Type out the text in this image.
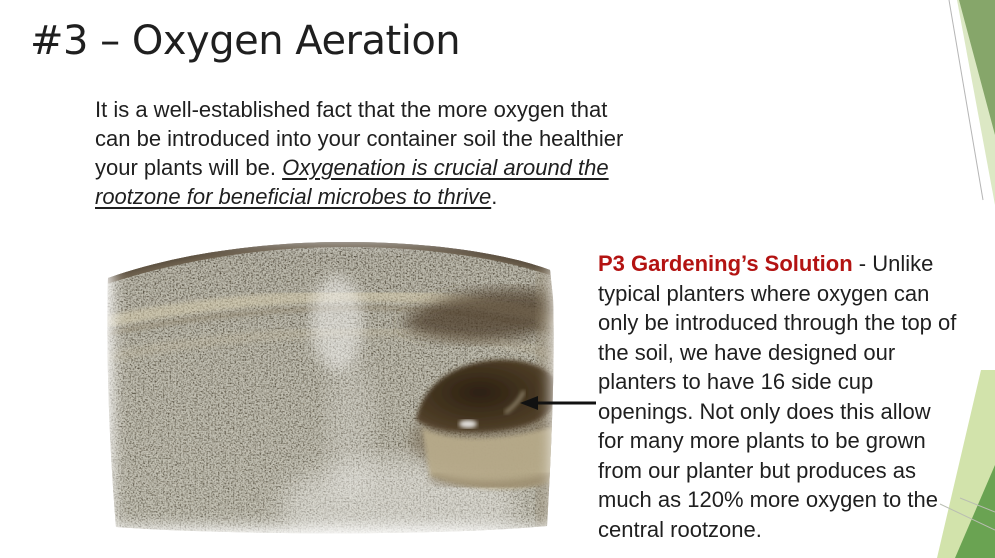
#3 – Oxygen Aeration

It is a well-established fact that the more oxygen that can be introduced into your container soil the healthier your plants will be. Oxygenation is crucial around the rootzone for beneficial microbes to thrive.

P3 Gardening’s Solution - Unlike typical planters where oxygen can only be introduced through the top of the soil, we have designed our planters to have 16 side cup openings. Not only does this allow for many more plants to be grown from our planter but produces as much as 120% more oxygen to the central rootzone.
